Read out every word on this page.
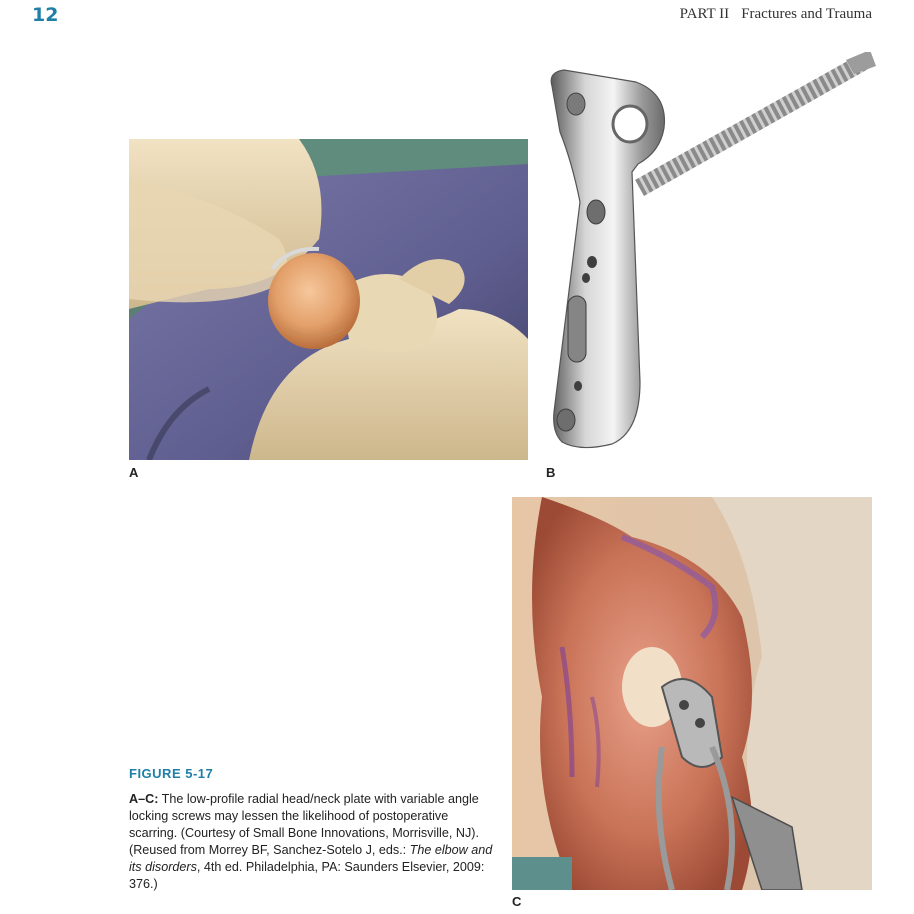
12	PART II Fractures and Trauma
A	B
C
FIGURE 5-17
A–C: The low-profile radial head/neck plate with variable angle locking screws may lessen the likelihood of postoperative scarring. (Courtesy of Small Bone Innovations, Morrisville, NJ). (Reused from Morrey BF, Sanchez-Sotelo J, eds.: The elbow and its disorders, 4th ed. Philadelphia, PA: Saunders Elsevier, 2009: 376.)
